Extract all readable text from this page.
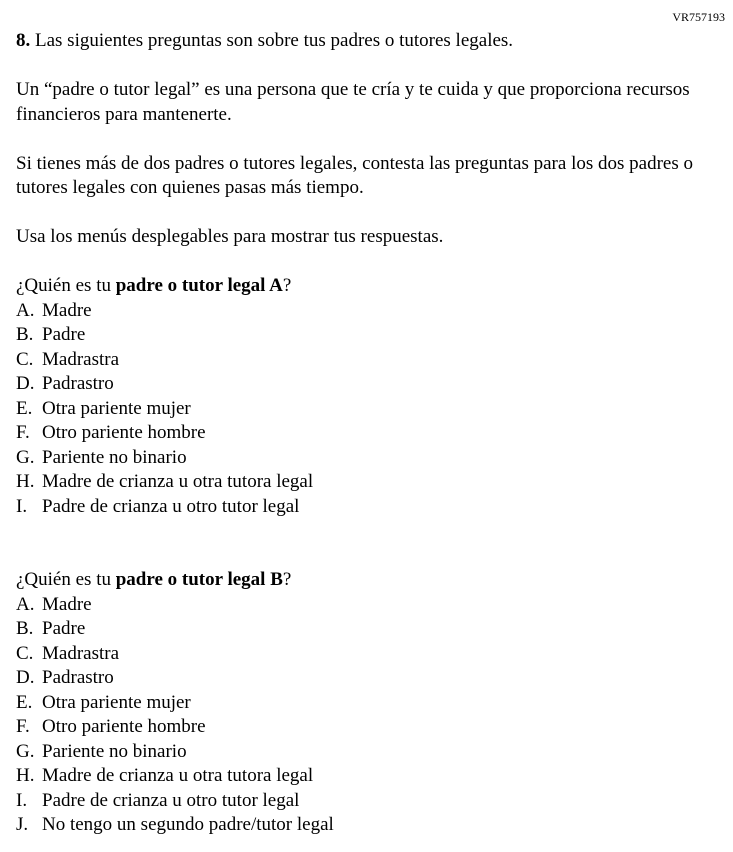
VR757193

8. Las siguientes preguntas son sobre tus padres o tutores legales.

Un “padre o tutor legal” es una persona que te cría y te cuida y que proporciona recursos financieros para mantenerte.

Si tienes más de dos padres o tutores legales, contesta las preguntas para los dos padres o tutores legales con quienes pasas más tiempo.

Usa los menús desplegables para mostrar tus respuestas.

¿Quién es tu padre o tutor legal A?

A. Madre

B. Padre

C. Madrastra

D. Padrastro

E. Otra pariente mujer

F. Otro pariente hombre

G. Pariente no binario

H. Madre de crianza u otra tutora legal

I. Padre de crianza u otro tutor legal

¿Quién es tu padre o tutor legal B?

A. Madre

B. Padre

C. Madrastra

D. Padrastro

E. Otra pariente mujer

F. Otro pariente hombre

G. Pariente no binario

H. Madre de crianza u otra tutora legal

I. Padre de crianza u otro tutor legal

J. No tengo un segundo padre/tutor legal
